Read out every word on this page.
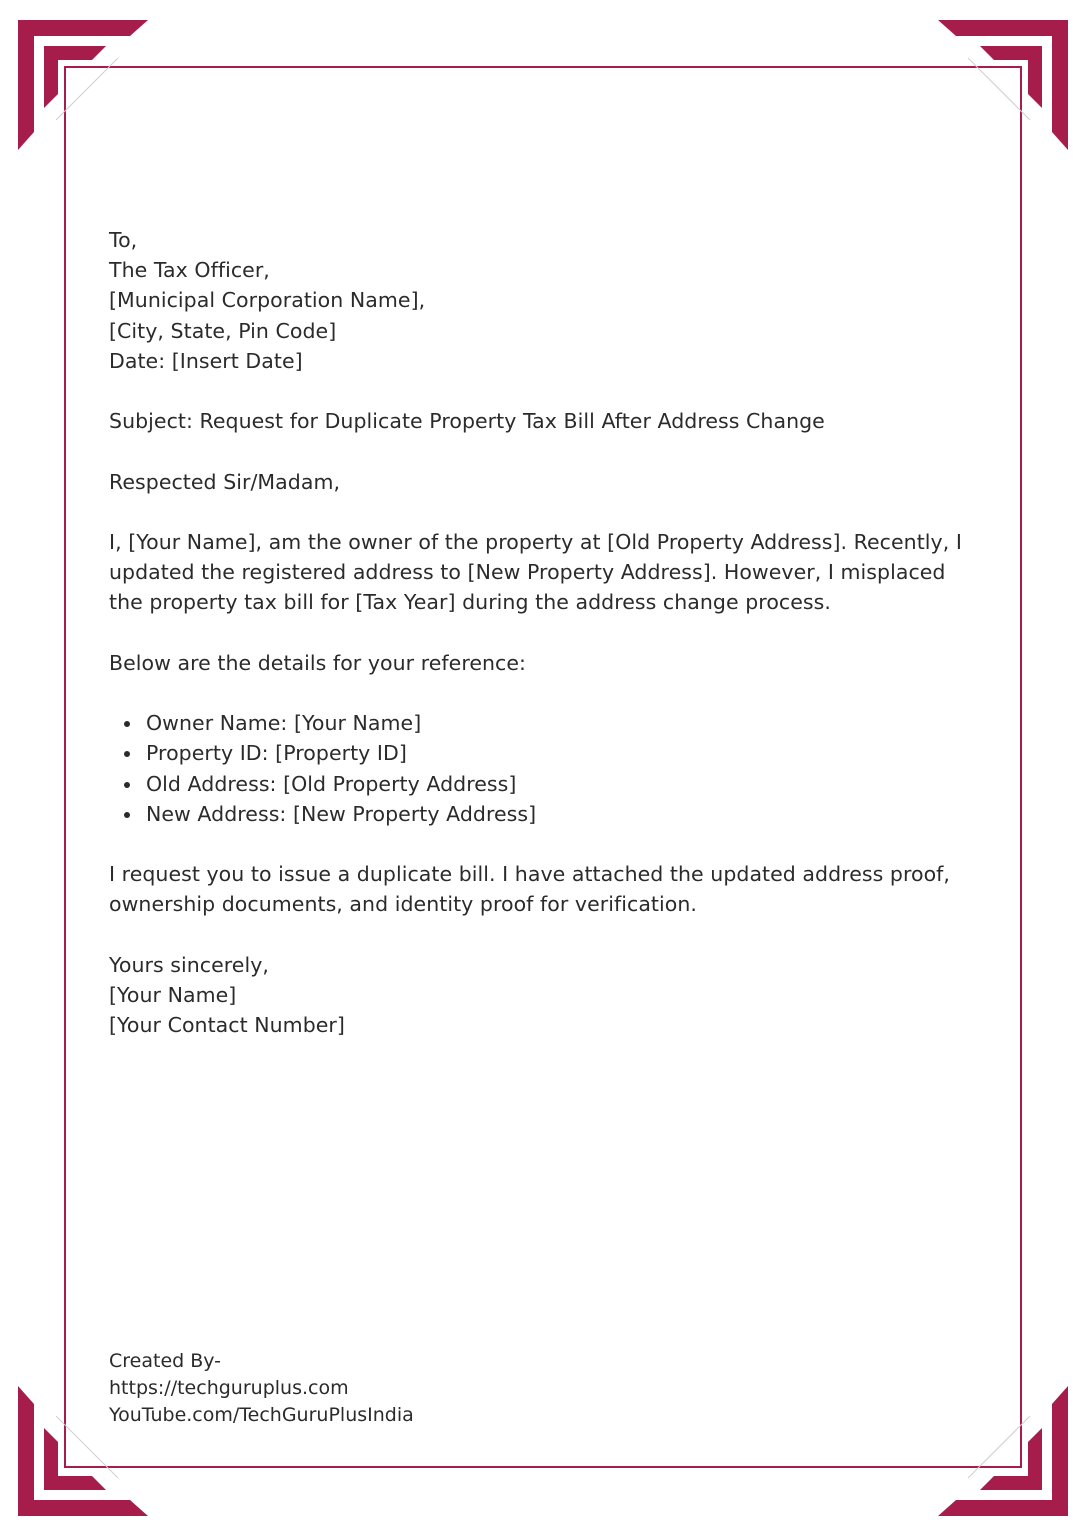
To,

The Tax Officer,

[Municipal Corporation Name],

[City, State, Pin Code]

Date: [Insert Date]

Subject: Request for Duplicate Property Tax Bill After Address Change

Respected Sir/Madam,

I, [Your Name], am the owner of the property at [Old Property Address]. Recently, I updated the registered address to [New Property Address]. However, I misplaced the property tax bill for [Tax Year] during the address change process.

Below are the details for your reference:

Owner Name: [Your Name]
Property ID: [Property ID]
Old Address: [Old Property Address]
New Address: [New Property Address]

I request you to issue a duplicate bill. I have attached the updated address proof, ownership documents, and identity proof for verification.

Yours sincerely,

[Your Name]

[Your Contact Number]

Created By-

https://techguruplus.com

YouTube.com/TechGuruPlusIndia
